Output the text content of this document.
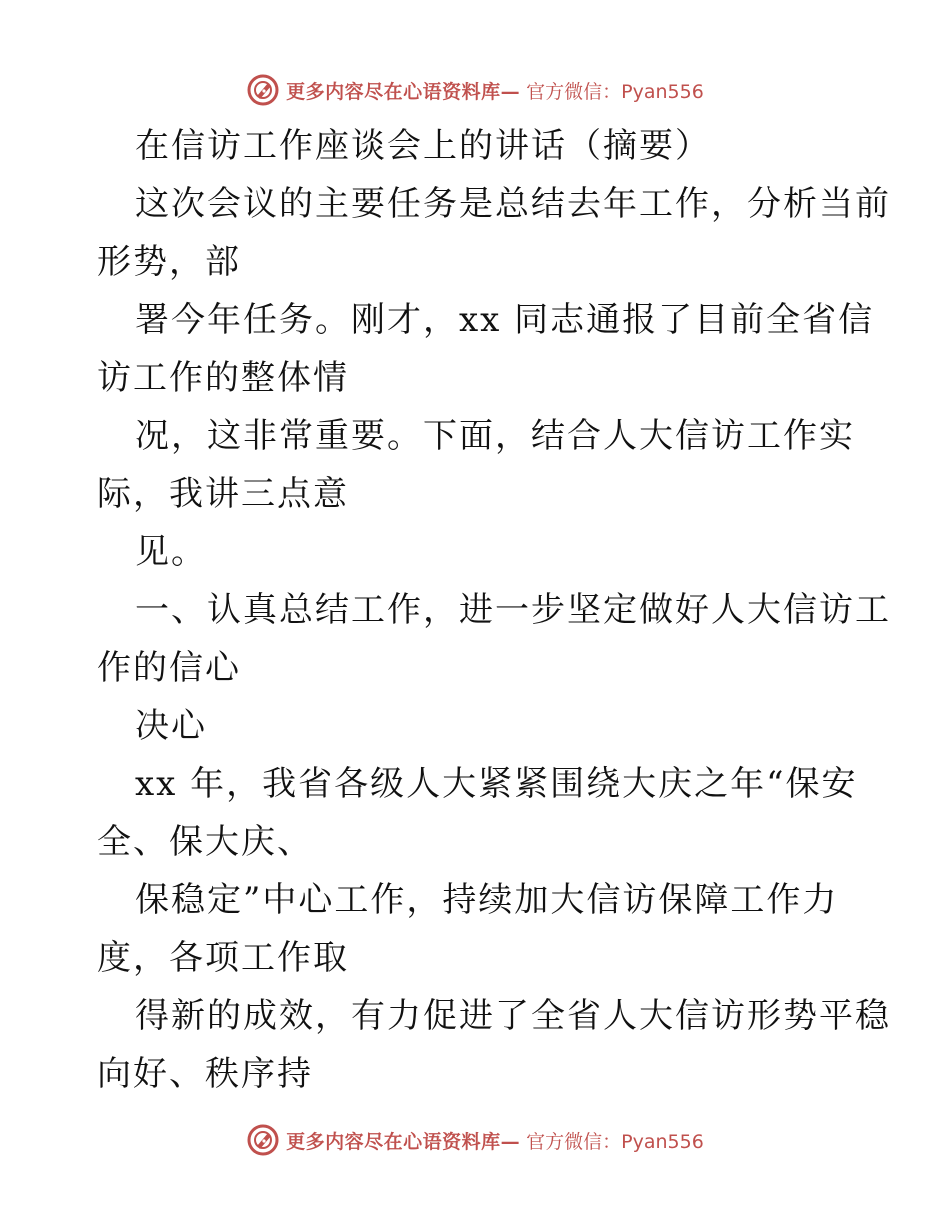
更多内容尽在心语资料库— 官方微信：Pyan556
在信访工作座谈会上的讲话（摘要）
这次会议的主要任务是总结去年工作，分析当前
形势，部
署今年任务。刚才，xx 同志通报了目前全省信
访工作的整体情
况，这非常重要。下面，结合人大信访工作实
际，我讲三点意
见。
一、认真总结工作，进一步坚定做好人大信访工
作的信心
决心
xx 年，我省各级人大紧紧围绕大庆之年“保安
全、保大庆、
保稳定”中心工作，持续加大信访保障工作力
度，各项工作取
得新的成效，有力促进了全省人大信访形势平稳
向好、秩序持
更多内容尽在心语资料库— 官方微信：Pyan556
